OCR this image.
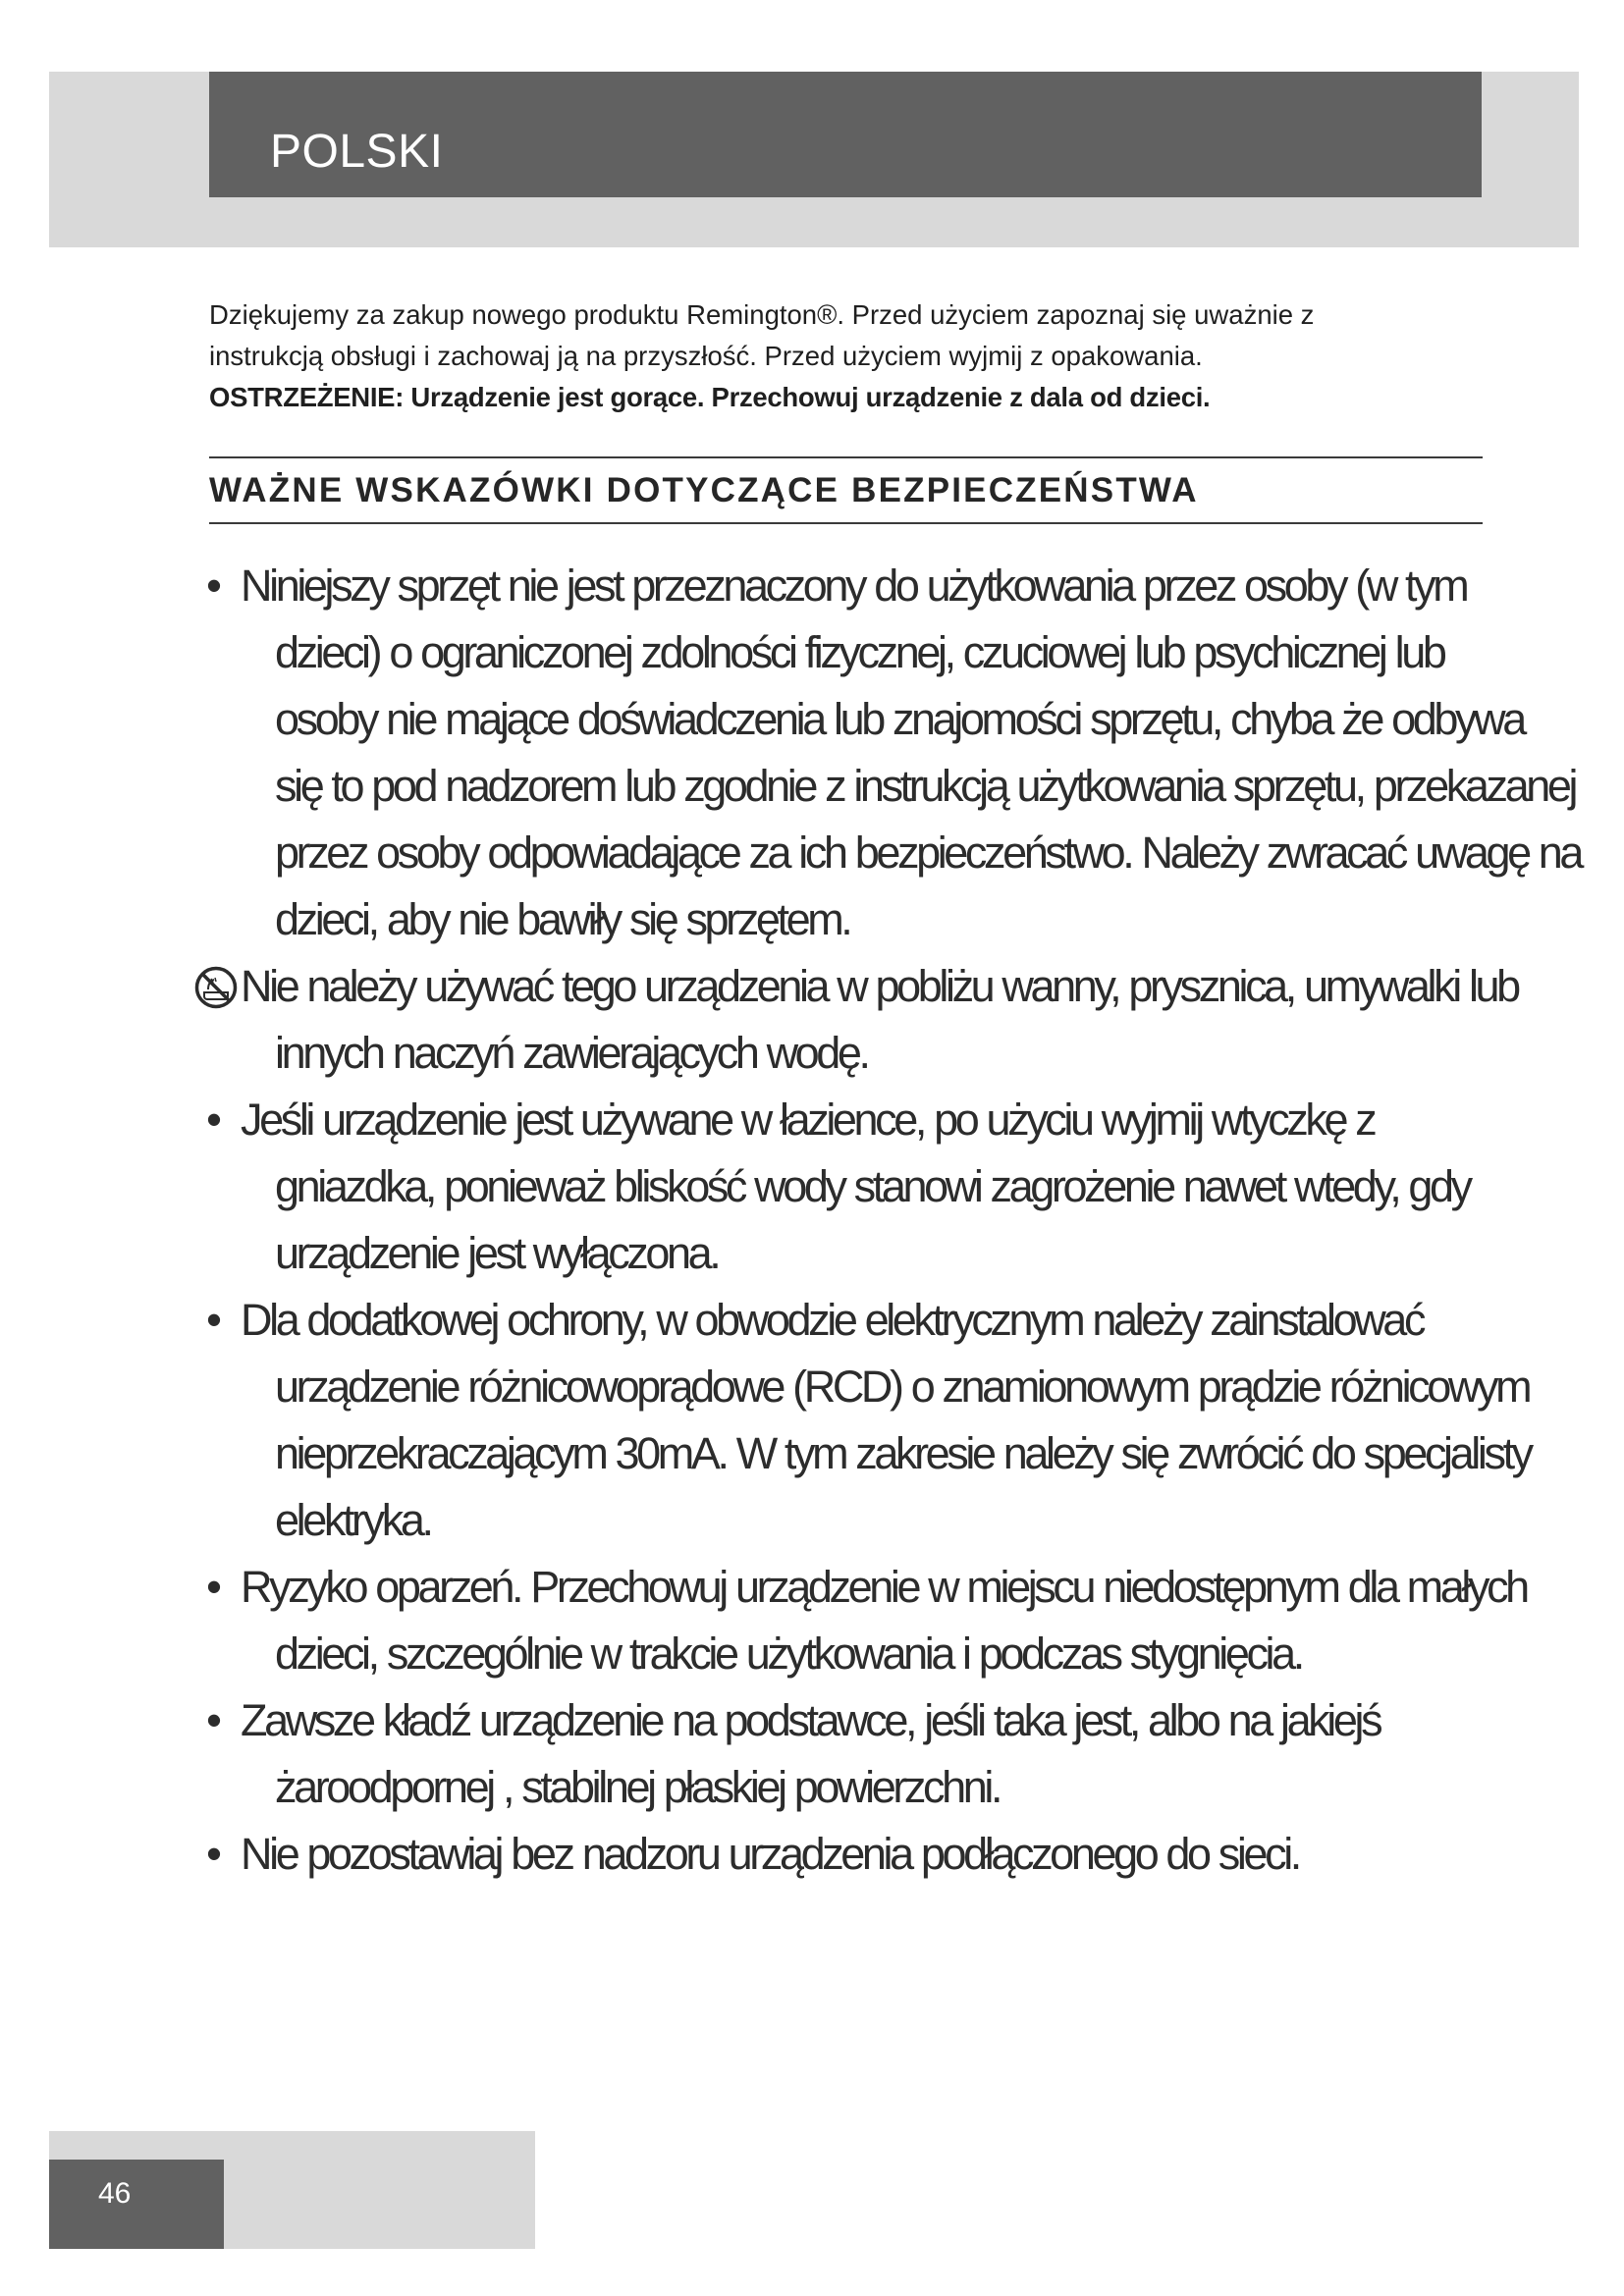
POLSKI

Dziękujemy za zakup nowego produktu Remington®. Przed użyciem zapoznaj się uważnie z

instrukcją obsługi i zachowaj ją na przyszłość. Przed użyciem wyjmij z opakowania.

OSTRZEŻENIE: Urządzenie jest gorące. Przechowuj urządzenie z dala od dzieci.

WAŻNE WSKAZÓWKI DOTYCZĄCE BEZPIECZEŃSTWA
• Niniejszy sprzęt nie jest przeznaczony do użytkowania przez osoby (w tym
dzieci) o ograniczonej zdolności fizycznej, czuciowej lub psychicznej lub
osoby nie mające doświadczenia lub znajomości sprzętu, chyba że odbywa
się to pod nadzorem lub zgodnie z instrukcją użytkowania sprzętu, przekazanej
przez osoby odpowiadające za ich bezpieczeństwo. Należy zwracać uwagę na
dzieci, aby nie bawiły się sprzętem.
Nie należy używać tego urządzenia w pobliżu wanny, prysznica, umywalki lub
innych naczyń zawierających wodę.
• Jeśli urządzenie jest używane w łazience, po użyciu wyjmij wtyczkę z
gniazdka, ponieważ bliskość wody stanowi zagrożenie nawet wtedy, gdy
urządzenie jest wyłączona.
• Dla dodatkowej ochrony, w obwodzie elektrycznym należy zainstalować
urządzenie różnicowoprądowe (RCD) o znamionowym prądzie różnicowym
nieprzekraczającym 30mA. W tym zakresie należy się zwrócić do specjalisty
elektryka.
• Ryzyko oparzeń. Przechowuj urządzenie w miejscu niedostępnym dla małych
dzieci, szczególnie w trakcie użytkowania i podczas stygnięcia.
• Zawsze kładź urządzenie na podstawce, jeśli taka jest, albo na jakiejś
żaroodpornej , stabilnej płaskiej powierzchni.
• Nie pozostawiaj bez nadzoru urządzenia podłączonego do sieci.

46
